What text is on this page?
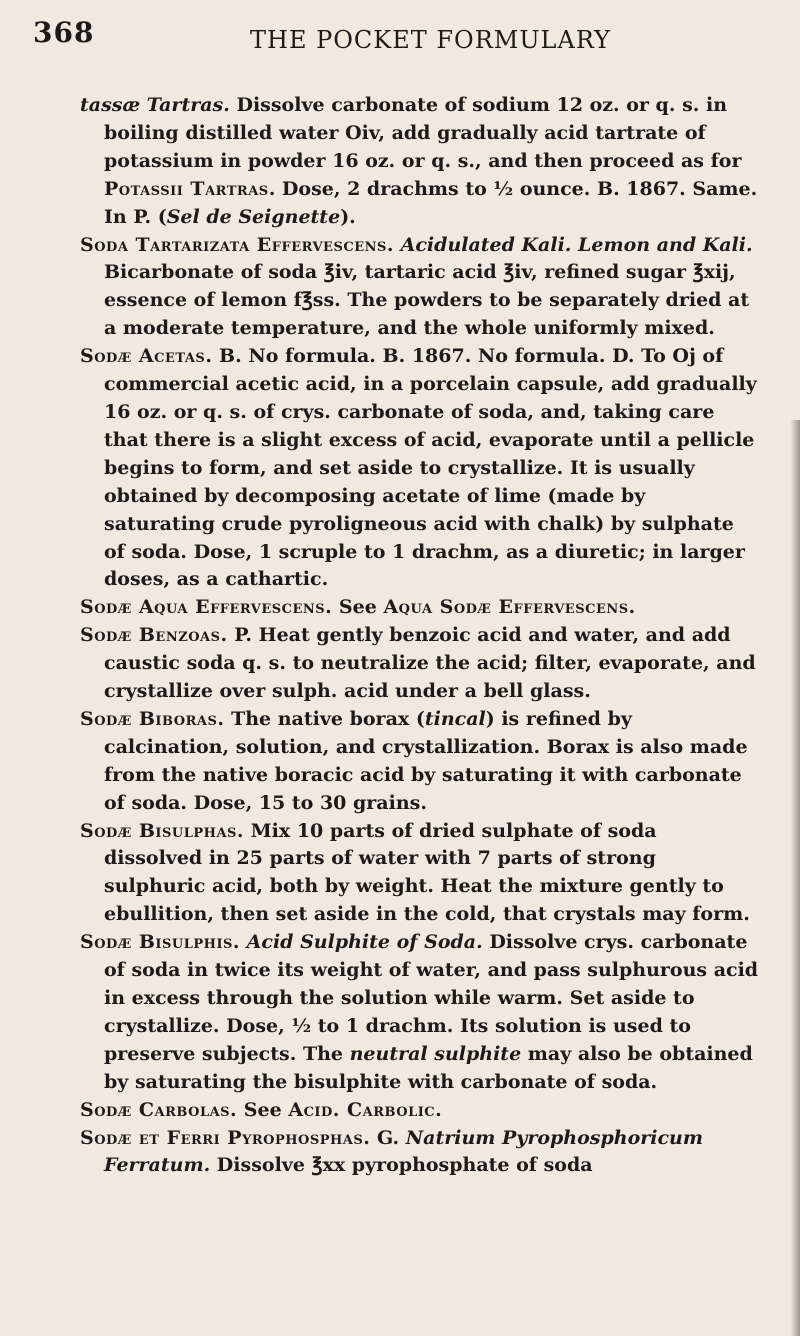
368	THE POCKET FORMULARY

tassæ Tartras. Dissolve carbonate of sodium 12 oz. or q. s. in boiling distilled water Oiv, add gradually acid tartrate of potassium in powder 16 oz. or q. s., and then proceed as for Potassii Tartras. Dose, 2 drachms to ½ ounce. B. 1867. Same. In P. (Sel de Seignette).

Soda Tartarizata Effervescens. Acidulated Kali. Lemon and Kali. Bicarbonate of soda ℥iv, tartaric acid ℥iv, refined sugar ℥xij, essence of lemon f℥ss. The powders to be separately dried at a moderate temperature, and the whole uniformly mixed.

Sodæ Acetas. B. No formula. B. 1867. No formula. D. To Oj of commercial acetic acid, in a porcelain capsule, add gradually 16 oz. or q. s. of crys. carbonate of soda, and, taking care that there is a slight excess of acid, evaporate until a pellicle begins to form, and set aside to crystallize. It is usually obtained by decomposing acetate of lime (made by saturating crude pyroligneous acid with chalk) by sulphate of soda. Dose, 1 scruple to 1 drachm, as a diuretic; in larger doses, as a cathartic.

Sodæ Aqua Effervescens. See Aqua Sodæ Effervescens.

Sodæ Benzoas. P. Heat gently benzoic acid and water, and add caustic soda q. s. to neutralize the acid; filter, evaporate, and crystallize over sulph. acid under a bell glass.

Sodæ Biboras. The native borax (tincal) is refined by calcination, solution, and crystallization. Borax is also made from the native boracic acid by saturating it with carbonate of soda. Dose, 15 to 30 grains.

Sodæ Bisulphas. Mix 10 parts of dried sulphate of soda dissolved in 25 parts of water with 7 parts of strong sulphuric acid, both by weight. Heat the mixture gently to ebullition, then set aside in the cold, that crystals may form.

Sodæ Bisulphis. Acid Sulphite of Soda. Dissolve crys. carbonate of soda in twice its weight of water, and pass sulphurous acid in excess through the solution while warm. Set aside to crystallize. Dose, ½ to 1 drachm. Its solution is used to preserve subjects. The neutral sulphite may also be obtained by saturating the bisulphite with carbonate of soda.

Sodæ Carbolas. See Acid. Carbolic.

Sodæ et Ferri Pyrophosphas. G. Natrium Pyrophosphoricum Ferratum. Dissolve ℥xx pyrophosphate of soda
